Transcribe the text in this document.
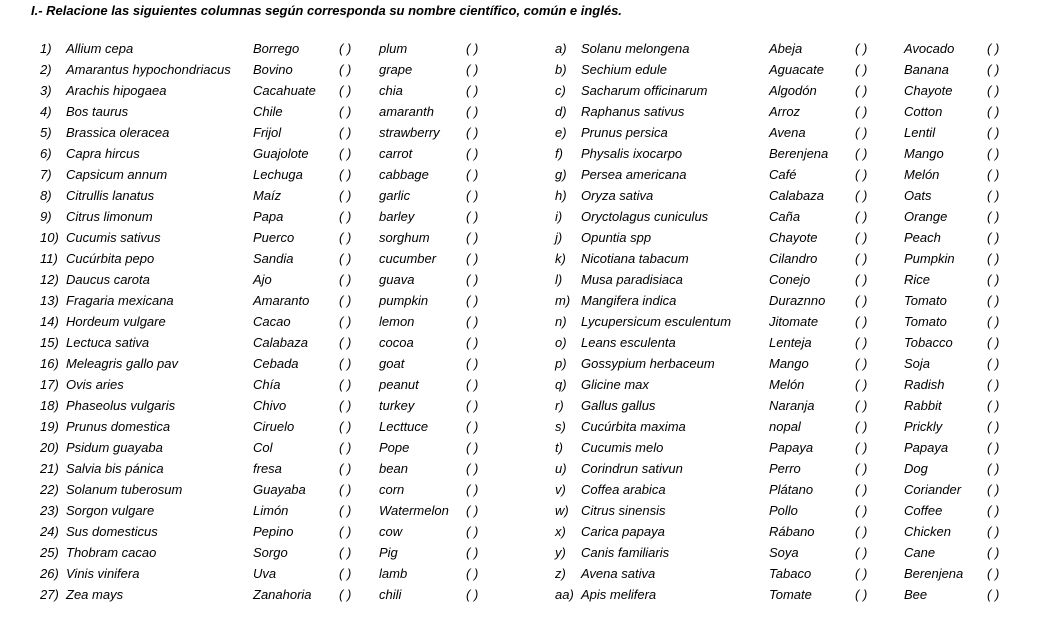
I.- Relacione las siguientes columnas según corresponda su nombre científico, común e inglés.
1)	Allium cepa	Borrego	( ) plum	( )	a) Solanu melongena	Abeja	( )	Avocado	( )
2)	Amarantus hypochondriacus Bovino	( ) grape	( )	b) Sechium edule	Aguacate ( )	Banana	( )
3)	Arachis hipogaea	Cacahuate ( ) chia	( )	c) Sacharum officinarum	Algodón	( )	Chayote	( )
4)	Bos taurus	Chile	( ) amaranth ( )	d) Raphanus sativus	Arroz	( )	Cotton	( )
5)	Brassica oleracea	Frijol	( ) strawberry ( )	e) Prunus persica	Avena	( )	Lentil	( )
6)	Capra hircus	Guajolote ( ) carrot	( )	f) Physalis ixocarpo	Berenjena ( )	Mango	( )
7)	Capsicum annum	Lechuga	( ) cabbage	( )	g) Persea americana	Café	( )	Melón	( )
8)	Citrullis lanatus	Maíz	( ) garlic	( )	h) Oryza sativa	Calabaza ( )	Oats	( )
9)	Citrus limonum	Papa	( ) barley	( )	i) Oryctolagus cuniculus	Caña	( )	Orange	( )
10) Cucumis sativus	Puerco	( ) sorghum	( )	j) Opuntia spp	Chayote	( )	Peach	( )
11) Cucúrbita pepo	Sandia	( ) cucumber ( )	k) Nicotiana tabacum	Cilandro	( )	Pumpkin ( )
12) Daucus carota	Ajo	( ) guava	( )	l) Musa paradisiaca	Conejo	( )	Rice	( )
13) Fragaria mexicana	Amaranto ( ) pumpkin	( )	m) Mangifera indica	Duraznno ( )	Tomato	( )
14) Hordeum vulgare	Cacao	( ) lemon	( )	n) Lycupersicum esculentum	Jitomate	( )	Tomato	( )
15) Lectuca sativa	Calabaza ( ) cocoa	( )	o) Leans esculenta	Lenteja	( )	Tobacco	( )
16) Meleagris gallo pav	Cebada	( ) goat	( )	p) Gossypium herbaceum	Mango	( )	Soja	( )
17) Ovis aries	Chía	( ) peanut	( )	q) Glicine max	Melón	( )	Radish	( )
18) Phaseolus vulgaris	Chivo	( ) turkey	( )	r) Gallus gallus	Naranja	( )	Rabbit	( )
19) Prunus domestica	Ciruelo	( ) Lecttuce	( )	s) Cucúrbita maxima	nopal	( )	Prickly	( )
20) Psidum guayaba	Col	( ) Pope	( )	t) Cucumis melo	Papaya	( )	Papaya	( )
21) Salvia bis pánica	fresa	( ) bean	( )	u) Corindrun sativun	Perro	( )	Dog	( )
22) Solanum tuberosum	Guayaba	( ) corn	( )	v) Coffea arabica	Plátano	( )	Coriander ( )
23) Sorgon vulgare	Limón	( ) Watermelon ( )	w) Citrus sinensis	Pollo	( )	Coffee	( )
24) Sus domesticus	Pepino	( ) cow	( )	x) Carica papaya	Rábano	( )	Chicken	( )
25) Thobram cacao	Sorgo	( ) Pig	( )	y) Canis familiaris	Soya	( )	Cane	( )
26) Vinis vinifera	Uva	( ) lamb	( )	z) Avena sativa	Tabaco	( )	Berenjena ( )
27) Zea mays	Zanahoria ( ) chili	( )	aa) Apis melifera	Tomate	( )	Bee	( )
